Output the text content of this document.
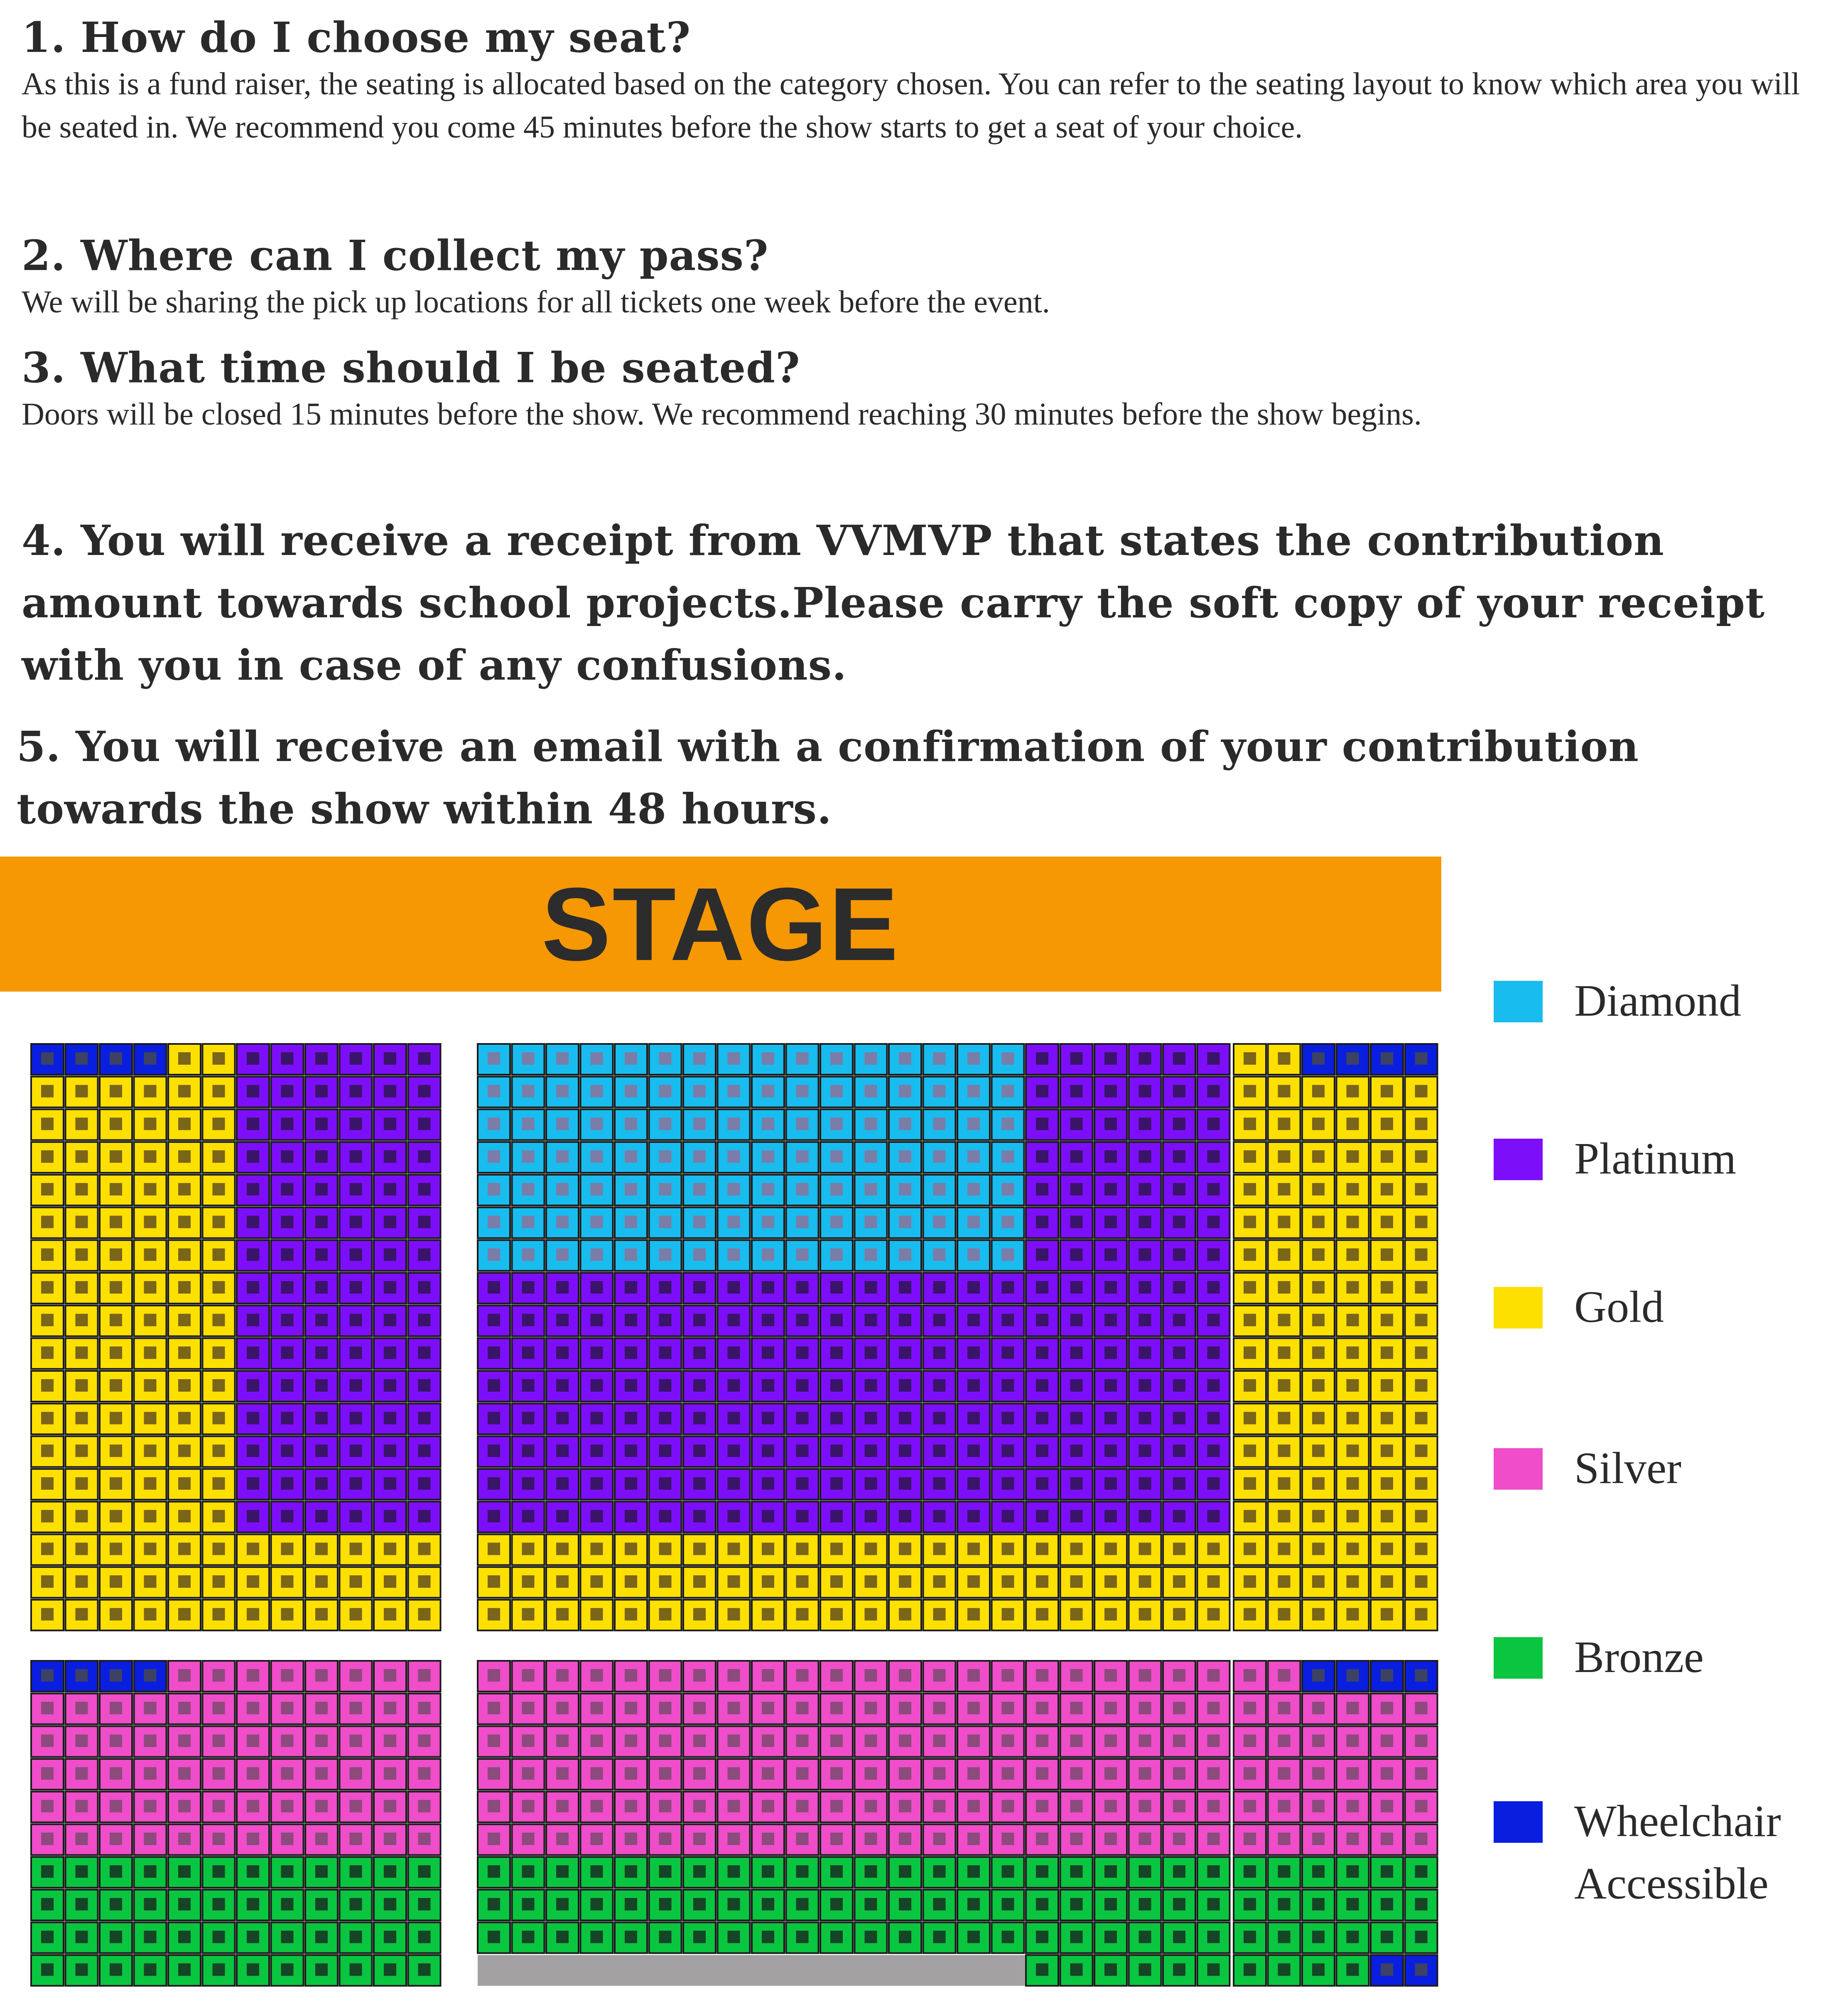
1. How do I choose my seat?

As this is a fund raiser, the seating is allocated based on the category chosen. You can refer to the seating layout to know which area you will be seated in. We recommend you come 45 minutes before the show starts to get a seat of your choice.

2. Where can I collect my pass?

We will be sharing the pick up locations for all tickets one week before the event.

3. What time should I be seated?

Doors will be closed 15 minutes before the show. We recommend reaching 30 minutes before the show begins.

4. You will receive a receipt from VVMVP that states the contribution amount towards school projects.Please carry the soft copy of your receipt with you in case of any confusions.

5. You will receive an email with a confirmation of your contribution towards the show within 48 hours.

STAGE
Diamond
Platinum
Gold
Silver
Bronze
Wheelchair Accessible
